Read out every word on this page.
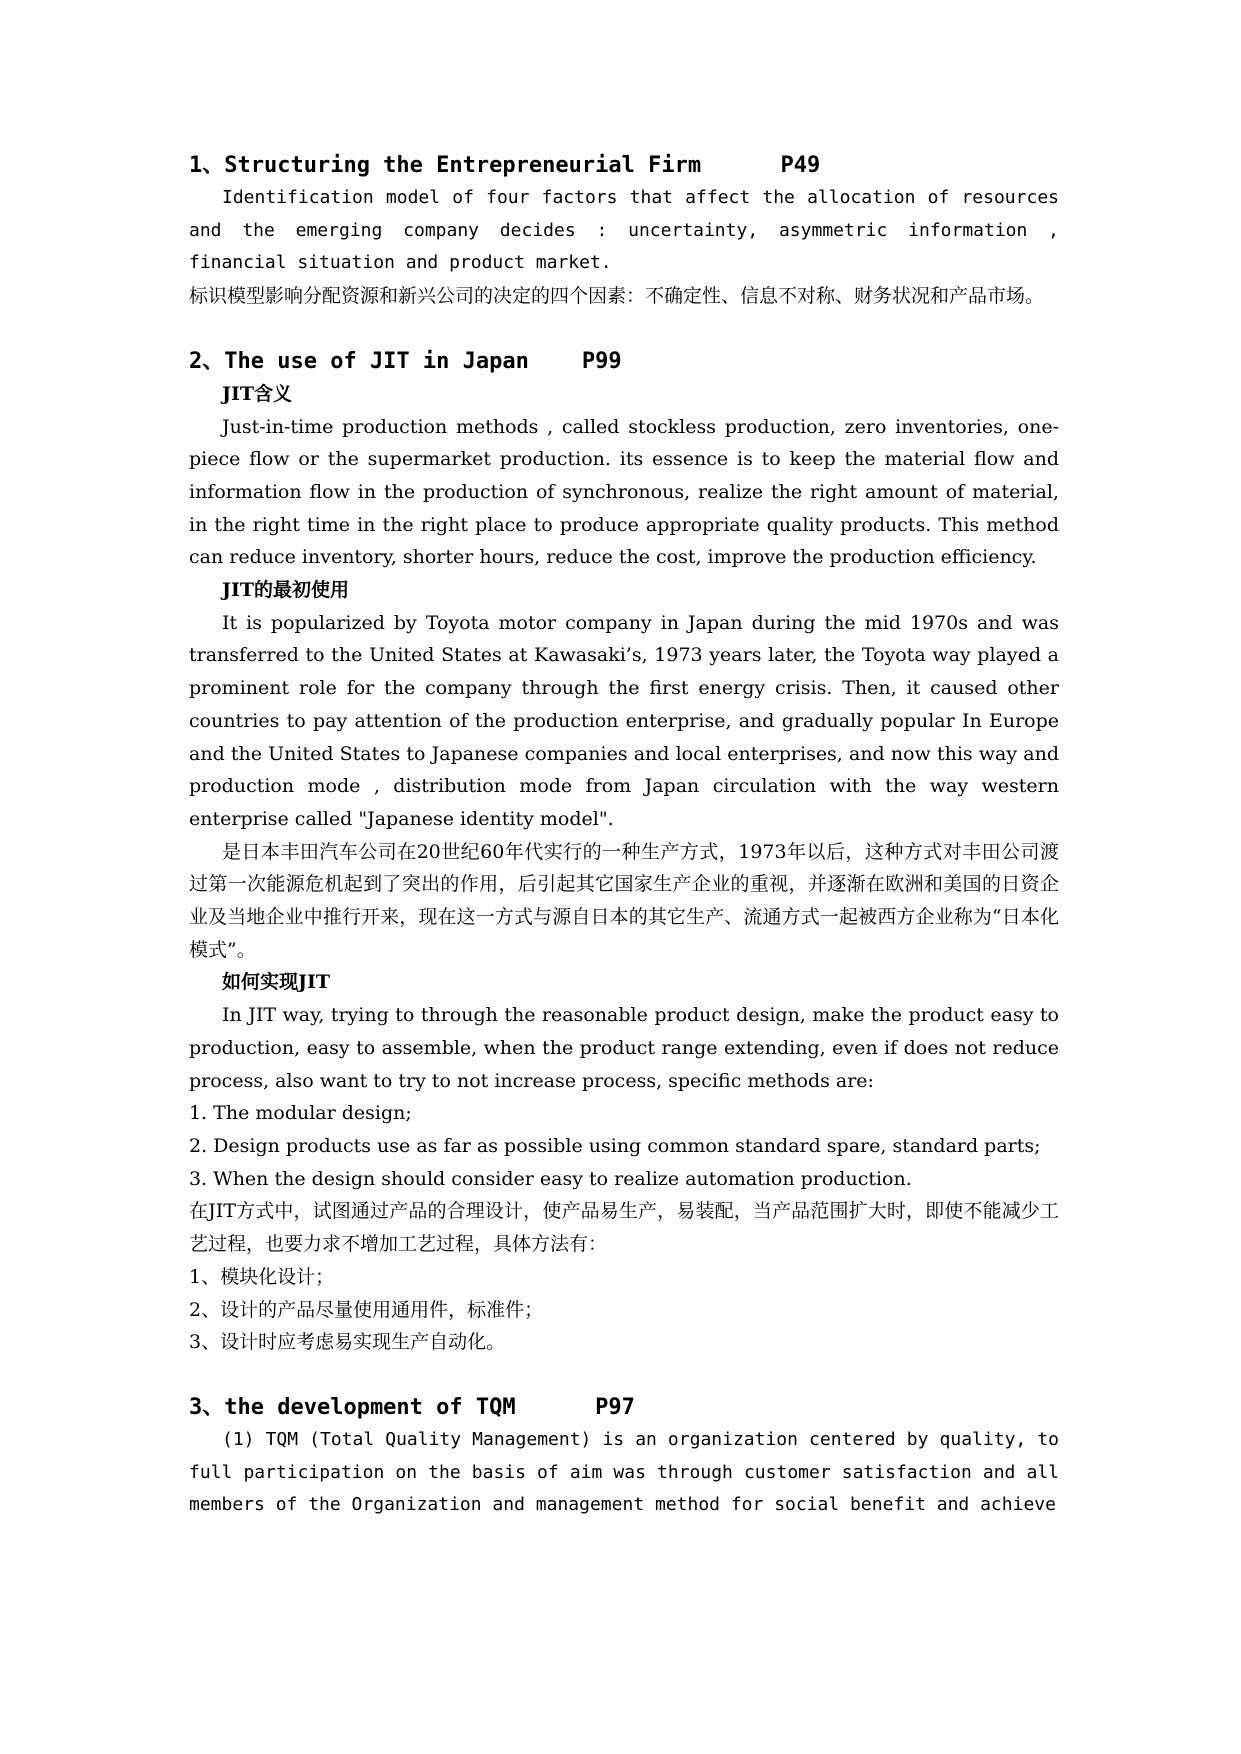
1、Structuring the Entrepreneurial Firm      P49
Identification model of four factors that affect the allocation of resources and the emerging company decides : uncertainty, asymmetric information , financial situation and product market.
标识模型影响分配资源和新兴公司的决定的四个因素：不确定性、信息不对称、财务状况和产品市场。
2、The use of JIT in Japan    P99
JIT含义
Just-in-time production methods , called stockless production, zero inventories, one-piece flow or the supermarket production. its essence is to keep the material flow and information flow in the production of synchronous, realize the right amount of material, in the right time in the right place to produce appropriate quality products. This method can reduce inventory, shorter hours, reduce the cost, improve the production efficiency.
JIT的最初使用
It is popularized by Toyota motor company in Japan during the mid 1970s and was transferred to the United States at Kawasaki’s, 1973 years later, the Toyota way played a prominent role for the company through the first energy crisis. Then, it caused other countries to pay attention of the production enterprise, and gradually popular In Europe and the United States to Japanese companies and local enterprises, and now this way and production mode , distribution mode from Japan circulation with the way western enterprise called "Japanese identity model".
是日本丰田汽车公司在20世纪60年代实行的一种生产方式，1973年以后，这种方式对丰田公司渡过第一次能源危机起到了突出的作用，后引起其它国家生产企业的重视，并逐渐在欧洲和美国的日资企业及当地企业中推行开来，现在这一方式与源自日本的其它生产、流通方式一起被西方企业称为“日本化模式”。
如何实现JIT
In JIT way, trying to through the reasonable product design, make the product easy to production, easy to assemble, when the product range extending, even if does not reduce process, also want to try to not increase process, specific methods are:
1. The modular design;
2. Design products use as far as possible using common standard spare, standard parts;
3. When the design should consider easy to realize automation production.
在JIT方式中，试图通过产品的合理设计，使产品易生产，易装配，当产品范围扩大时，即使不能减少工艺过程，也要力求不增加工艺过程，具体方法有：
1、模块化设计；
2、设计的产品尽量使用通用件，标准件；
3、设计时应考虑易实现生产自动化。
3、the development of TQM      P97
(1) TQM (Total Quality Management) is an organization centered by quality, to full participation on the basis of aim was through customer satisfaction and all members of the Organization and management method for social benefit and achieve
